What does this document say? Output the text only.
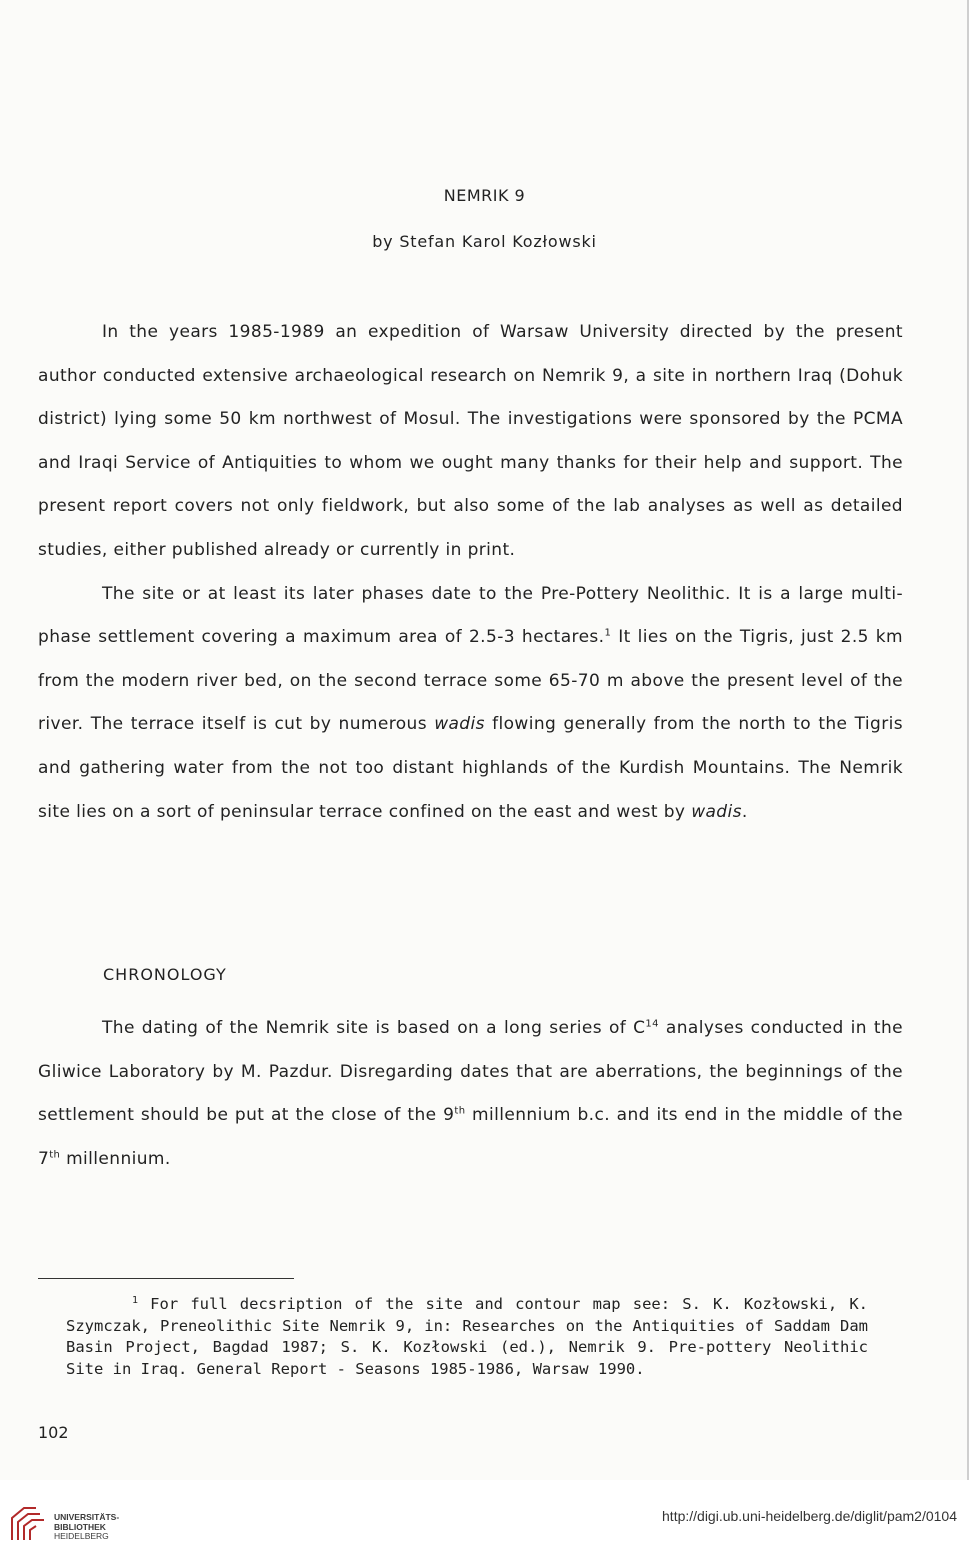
NEMRIK 9
by Stefan Karol Kozłowski

In the years 1985-1989 an expedition of Warsaw University directed by the present author conducted extensive archaeological research on Nemrik 9, a site in northern Iraq (Dohuk district) lying some 50 km northwest of Mosul. The investigations were sponsored by the PCMA and Iraqi Service of Antiquities to whom we ought many thanks for their help and support. The present report covers not only fieldwork, but also some of the lab analyses as well as detailed studies, either published already or currently in print.

The site or at least its later phases date to the Pre-Pottery Neolithic. It is a large multi-phase settlement covering a maximum area of 2.5-3 hectares.$^1$ It lies on the Tigris, just 2.5 km from the modern river bed, on the second terrace some 65-70 m above the present level of the river. The terrace itself is cut by numerous wadis flowing generally from the north to the Tigris and gathering water from the not too distant highlands of the Kurdish Mountains. The Nemrik site lies on a sort of peninsular terrace confined on the east and west by wadis.

CHRONOLOGY

The dating of the Nemrik site is based on a long series of $C^{14}$ analyses conducted in the Gliwice Laboratory by M. Pazdur. Disregarding dates that are aberrations, the beginnings of the settlement should be put at the close of the 9th millennium b.c. and its end in the middle of the 7th millennium.

$^1$ For full decsription of the site and contour map see: S. K. Kozłowski, K. Szymczak, Preneolithic Site Nemrik 9, in: Researches on the Antiquities of Saddam Dam Basin Project, Bagdad 1987; S. K. Kozłowski (ed.), Nemrik 9. Pre-pottery Neolithic Site in Iraq. General Report - Seasons 1985-1986, Warsaw 1990.

102
UNIVERSITÄTS-
BIBLIOTHEK
HEIDELBERG
http://digi.ub.uni-heidelberg.de/diglit/pam2/0104
